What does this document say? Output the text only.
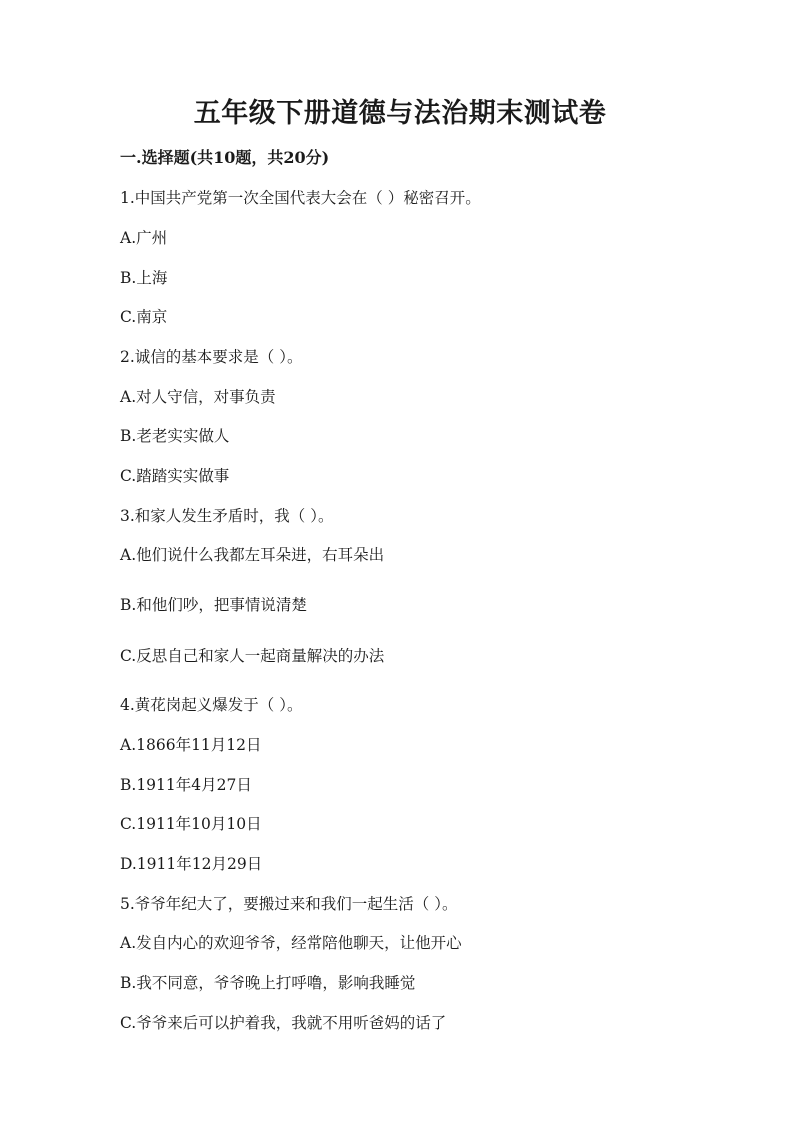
五年级下册道德与法治期末测试卷
一.选择题(共10题，共20分)
1.中国共产党第一次全国代表大会在（ ）秘密召开。
A.广州
B.上海
C.南京
2.诚信的基本要求是（ ）。
A.对人守信，对事负责
B.老老实实做人
C.踏踏实实做事
3.和家人发生矛盾时，我（ ）。
A.他们说什么我都左耳朵进，右耳朵出
B.和他们吵，把事情说清楚
C.反思自己和家人一起商量解决的办法
4.黄花岗起义爆发于（ ）。
A.1866年11月12日
B.1911年4月27日
C.1911年10月10日
D.1911年12月29日
5.爷爷年纪大了，要搬过来和我们一起生活（ ）。
A.发自内心的欢迎爷爷，经常陪他聊天，让他开心
B.我不同意，爷爷晚上打呼噜，影响我睡觉
C.爷爷来后可以护着我，我就不用听爸妈的话了
